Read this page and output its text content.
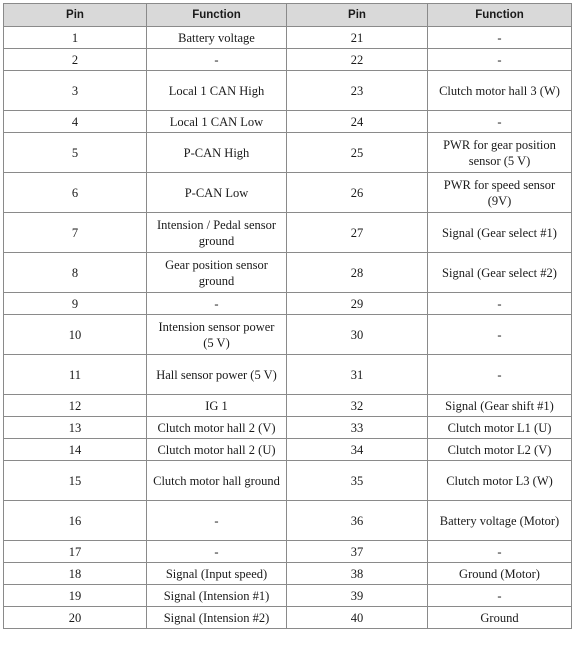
Pin	Function	Pin	Function
1	Battery voltage	21	-
2	-	22	-
3	Local 1 CAN High	23	Clutch motor hall 3 (W)
4	Local 1 CAN Low	24	-
5	P-CAN High	25	PWR for gear position sensor (5 V)
6	P-CAN Low	26	PWR for speed sensor (9V)
7	Intension / Pedal sensor ground	27	Signal (Gear select #1)
8	Gear position sensor ground	28	Signal (Gear select #2)
9	-	29	-
10	Intension sensor power (5 V)	30	-
11	Hall sensor power (5 V)	31	-
12	IG 1	32	Signal (Gear shift #1)
13	Clutch motor hall 2 (V)	33	Clutch motor L1 (U)
14	Clutch motor hall 2 (U)	34	Clutch motor L2 (V)
15	Clutch motor hall ground	35	Clutch motor L3 (W)
16	-	36	Battery voltage (Motor)
17	-	37	-
18	Signal (Input speed)	38	Ground (Motor)
19	Signal (Intension #1)	39	-
20	Signal (Intension #2)	40	Ground
